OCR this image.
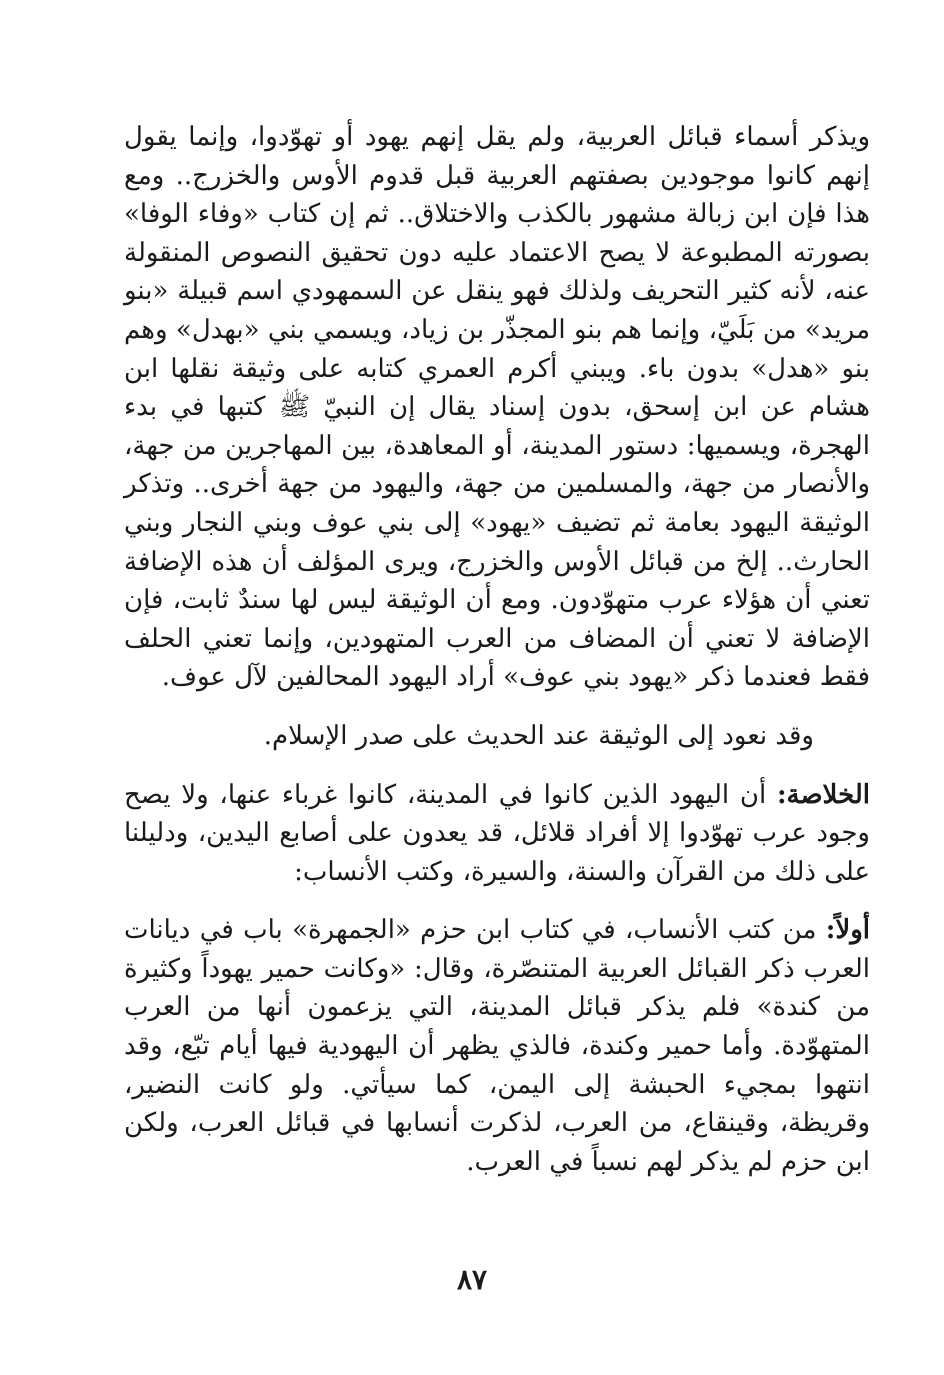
ويذكر أسماء قبائل العربية، ولم يقل إنهم يهود أو تهوّدوا، وإنما يقول إنهم كانوا موجودين بصفتهم العربية قبل قدوم الأوس والخزرج.. ومع هذا فإن ابن زبالة مشهور بالكذب والاختلاق.. ثم إن كتاب «وفاء الوفا» بصورته المطبوعة لا يصح الاعتماد عليه دون تحقيق النصوص المنقولة عنه، لأنه كثير التحريف ولذلك فهو ينقل عن السمهودي اسم قبيلة «بنو مريد» من بَلَيّ، وإنما هم بنو المجذّر بن زياد، ويسمي بني «بهدل» وهم بنو «هدل» بدون باء. ويبني أكرم العمري كتابه على وثيقة نقلها ابن هشام عن ابن إسحق، بدون إسناد يقال إن النبيّ ﷺ كتبها في بدء الهجرة، ويسميها: دستور المدينة، أو المعاهدة، بين المهاجرين من جهة، والأنصار من جهة، والمسلمين من جهة، واليهود من جهة أخرى.. وتذكر الوثيقة اليهود بعامة ثم تضيف «يهود» إلى بني عوف وبني النجار وبني الحارث.. إلخ من قبائل الأوس والخزرج، ويرى المؤلف أن هذه الإضافة تعني أن هؤلاء عرب متهوّدون. ومع أن الوثيقة ليس لها سندٌ ثابت، فإن الإضافة لا تعني أن المضاف من العرب المتهودين، وإنما تعني الحلف فقط فعندما ذكر «يهود بني عوف» أراد اليهود المحالفين لآل عوف.

وقد نعود إلى الوثيقة عند الحديث على صدر الإسلام.

الخلاصة: أن اليهود الذين كانوا في المدينة، كانوا غرباء عنها، ولا يصح وجود عرب تهوّدوا إلا أفراد قلائل، قد يعدون على أصابع اليدين، ودليلنا على ذلك من القرآن والسنة، والسيرة، وكتب الأنساب:

أولاً: من كتب الأنساب، في كتاب ابن حزم «الجمهرة» باب في ديانات العرب ذكر القبائل العربية المتنصّرة، وقال: «وكانت حمير يهوداً وكثيرة من كندة» فلم يذكر قبائل المدينة، التي يزعمون أنها من العرب المتهوّدة. وأما حمير وكندة، فالذي يظهر أن اليهودية فيها أيام تبّع، وقد انتهوا بمجيء الحبشة إلى اليمن، كما سيأتي. ولو كانت النضير، وقريظة، وقينقاع، من العرب، لذكرت أنسابها في قبائل العرب، ولكن ابن حزم لم يذكر لهم نسباً في العرب.

٨٧
